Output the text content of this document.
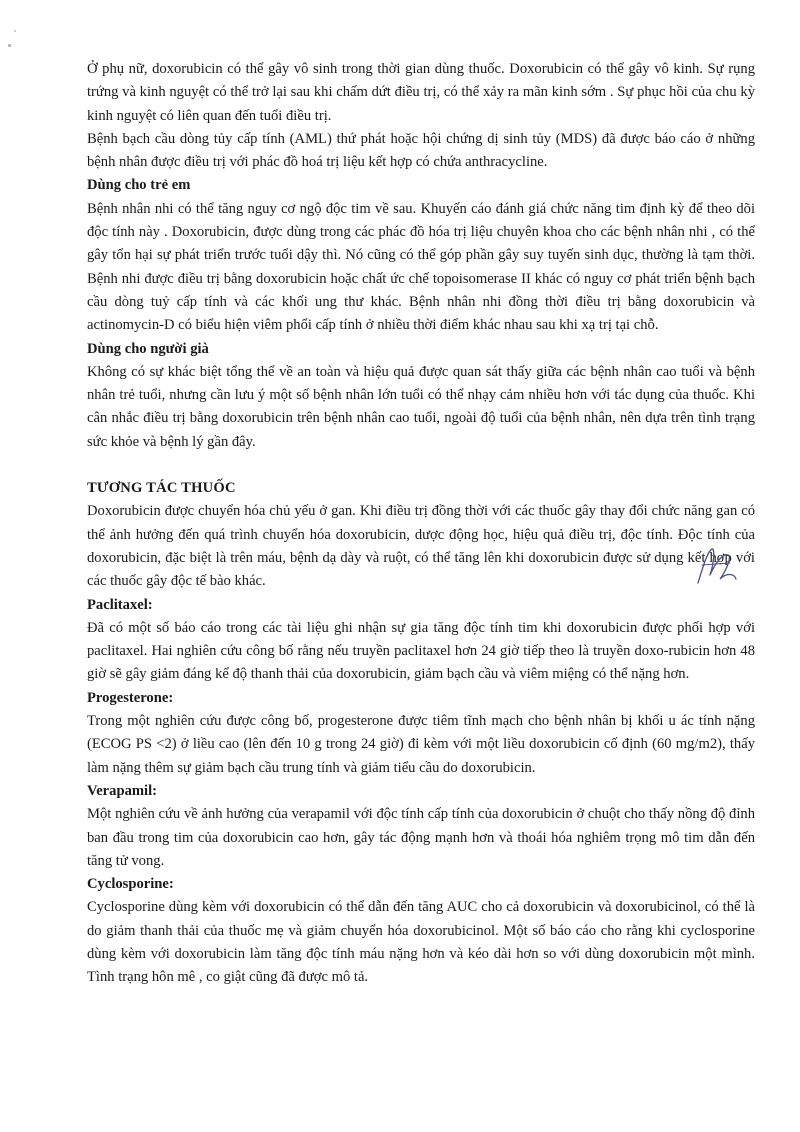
Ở phụ nữ, doxorubicin có thể gây vô sinh trong thời gian dùng thuốc. Doxorubicin có thể gây vô kinh. Sự rụng trứng và kinh nguyệt có thể trở lại sau khi chấm dứt điều trị, có thể xảy ra mãn kinh sớm . Sự phục hồi của chu kỳ kinh nguyệt có liên quan đến tuổi điều trị.

Bệnh bạch cầu dòng tủy cấp tính (AML) thứ phát hoặc hội chứng dị sinh tủy (MDS) đã được báo cáo ở những bệnh nhân được điều trị với phác đồ hoá trị liệu kết hợp có chứa anthracycline.

Dùng cho trẻ em

Bệnh nhân nhi có thể tăng nguy cơ ngộ độc tim về sau. Khuyến cáo đánh giá chức năng tim định kỳ để theo dõi độc tính này . Doxorubicin, được dùng trong các phác đồ hóa trị liệu chuyên khoa cho các bệnh nhân nhi , có thể gây tổn hại sự phát triển trước tuổi dậy thì. Nó cũng có thể góp phần gây suy tuyến sinh dục, thường là tạm thời. Bệnh nhi được điều trị bằng doxorubicin hoặc chất ức chế topoisomerase II khác có nguy cơ phát triển bệnh bạch cầu dòng tuỷ cấp tính và các khối ung thư khác. Bệnh nhân nhi đồng thời điều trị bằng doxorubicin và actinomycin-D có biểu hiện viêm phổi cấp tính ở nhiều thời điểm khác nhau sau khi xạ trị tại chỗ.

Dùng cho người già

Không có sự khác biệt tổng thể về an toàn và hiệu quả được quan sát thấy giữa các bệnh nhân cao tuổi và bệnh nhân trẻ tuổi, nhưng cần lưu ý một số bệnh nhân lớn tuổi có thể nhạy cảm nhiều hơn với tác dụng của thuốc. Khi cân nhắc điều trị bằng doxorubicin trên bệnh nhân cao tuổi, ngoài độ tuổi của bệnh nhân, nên dựa trên tình trạng sức khỏe và bệnh lý gần đây.

TƯƠNG TÁC THUỐC

Doxorubicin được chuyển hóa chủ yếu ở gan. Khi điều trị đồng thời với các thuốc gây thay đổi chức năng gan có thể ảnh hưởng đến quá trình chuyển hóa doxorubicin, dược động học, hiệu quả điều trị, độc tính. Độc tính của doxorubicin, đặc biệt là trên máu, bệnh dạ dày và ruột, có thể tăng lên khi doxorubicin được sử dụng kết hợp với các thuốc gây độc tế bào khác.

Paclitaxel:

Đã có một số báo cáo trong các tài liệu ghi nhận sự gia tăng độc tính tim khi doxorubicin được phối hợp với paclitaxel. Hai nghiên cứu công bố rằng nếu truyền paclitaxel hơn 24 giờ tiếp theo là truyền doxo-rubicin hơn 48 giờ sẽ gây giảm đáng kể độ thanh thải của doxorubicin, giảm bạch cầu và viêm miệng có thể nặng hơn.

Progesterone:

Trong một nghiên cứu được công bố, progesterone được tiêm tĩnh mạch cho bệnh nhân bị khối u ác tính nặng (ECOG PS <2) ở liều cao (lên đến 10 g trong 24 giờ) đi kèm với một liều doxorubicin cố định (60 mg/m2), thấy làm nặng thêm sự giảm bạch cầu trung tính và giảm tiểu cầu do doxorubicin.

Verapamil:

Một nghiên cứu về ảnh hưởng của verapamil với độc tính cấp tính của doxorubicin ở chuột cho thấy nồng độ đỉnh ban đầu trong tim của doxorubicin cao hơn, gây tác động mạnh hơn và thoái hóa nghiêm trọng mô tim dẫn đến tăng tử vong.

Cyclosporine:

Cyclosporine dùng kèm với doxorubicin có thể dẫn đến tăng AUC cho cả doxorubicin và doxorubicinol, có thể là do giảm thanh thải của thuốc mẹ và giảm chuyển hóa doxorubicinol. Một số báo cáo cho rằng khi cyclosporine dùng kèm với doxorubicin làm tăng độc tính máu nặng hơn và kéo dài hơn so với dùng doxorubicin một mình. Tình trạng hôn mê , co giật cũng đã được mô tả.
